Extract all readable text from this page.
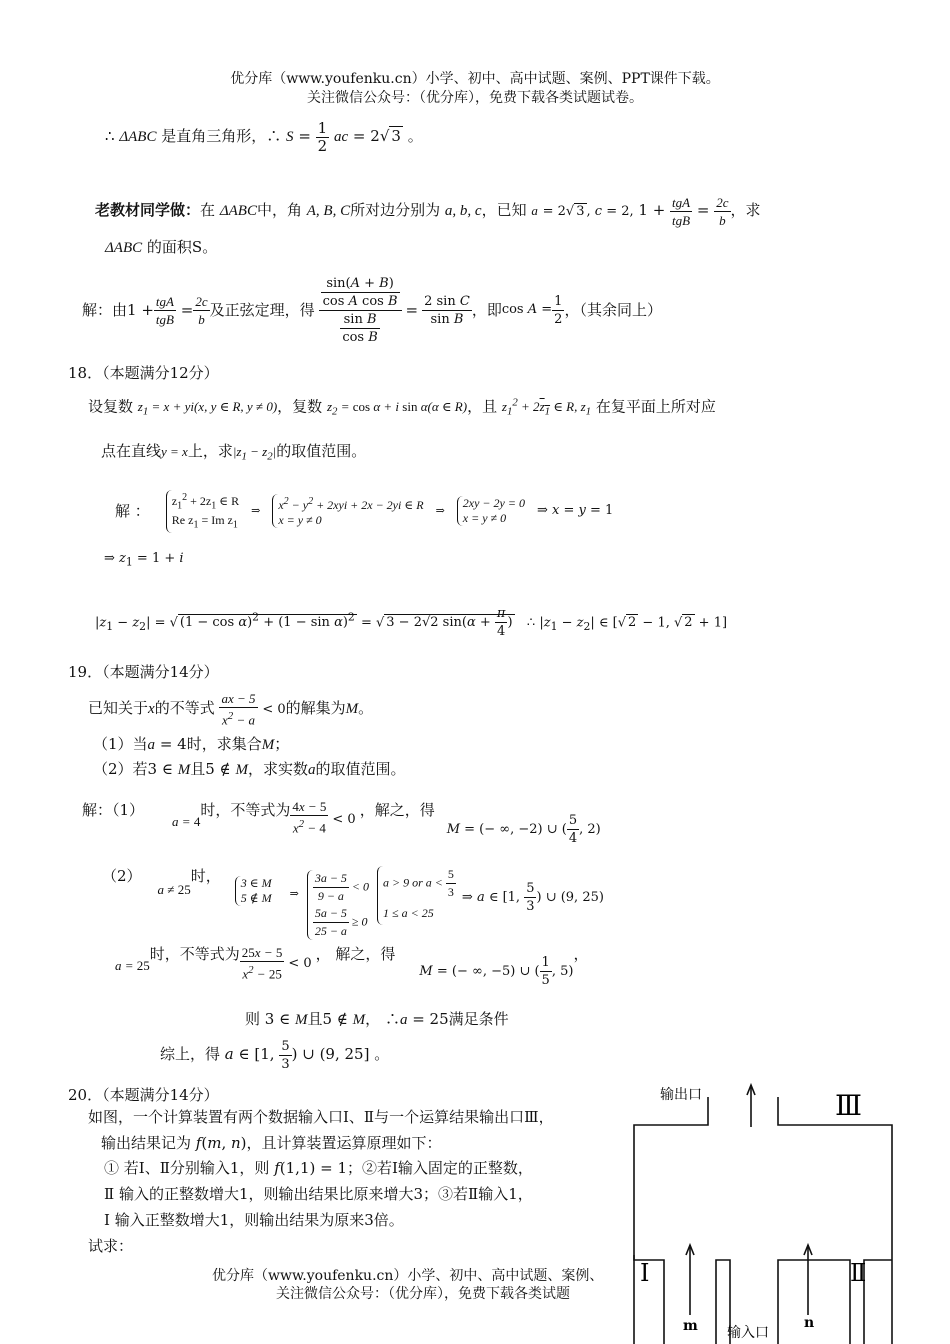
优分库（www.youfenku.cn）小学、初中、高中试题、案例、PPT课件下载。
关注微信公众号：（优分库），免费下载各类试题试卷。
∴ ΔABC 是直角三角形，∴ $S = \frac{1}{2}$ ac = 2√ 3 。
老教材同学做：在 ΔABC中，角 A, B, C所对边分别为 a, b, c，已知 a = 2√ 3 , c = 2, $1 + \frac{\text{tgA}}{\text{tgB}} = \frac{2c}{b}$ ，求
ΔABC 的面积S。
解：由 $1 + \frac{\text{tgA}}{\text{tgB}} = \frac{2c}{b}$ 及正弦定理，得 $\frac{\frac{\sin(A + B)}{\text{cos A cos B}}}{\frac{\text{sin B}}{\text{cos B}}} = \frac{\text{2 sin C}}{\text{sin B}}$ ，即 $\cos A = \frac{1}{2}$ ，（其余同上）
18．（本题满分12分）
设复数 $z_1 = x + yi(x$, y ∈ R, y ≠ 0)，复数 $z_2 = \cos \alpha + i$ sin α(α ∈ R)，且 $z_1^2 + 2z_1$ ∈ R, $z_1$ 在复平面上所对应
点在直线y = x上，求$|z_1 - z_2|$的取值范围。
解 ：
$z_1^2 + 2z_1$ ∈ R
Re $z_1 = Im$ $z_1$
⇒	$x^2 - y^2 + 2xyi + 2x - 2yi$ ∈ R
x = y ≠ 0
⇒
2xy − 2y = 0
x = y ≠ 0	⇒ x = y = 1
⇒ $z_1 = 1 + i$
$|z_1 - z_2|$ = √ $(1 - \cos \alpha)^2 + (1 - \sin \alpha)^2$ = √ 3 − 2√2 $\sin(\alpha + \frac{\pi}{4}$ )   ∴ $|z_1 - z_2|$ ∈ [√ 2 − 1, √ 2 + 1]
19．（本题满分14分）
已知关于x的不等式 $\frac{ax - 5}{x^2 - a} < 0$的解集为M。
（1）当a = 4时，求集合M；
（2）若3 ∈ M且5 ∉ M，求实数a的取值范围。
解：（1）
a = 4
时，不等式为 $\frac{4x - 5}{x^2 - 4} < 0$
，解之，得
M = (− ∞, −2) ∪ ( $\frac{5}{4}$ , 2)
（2）
a ≠ 25
时，	3 ∈ M
5 ∉ M ⇒ $\frac{3a - 5}{9 - a} < 0$

$\frac{5a - 5}{25 - a} \ge 0$
a > 9 or $a < \frac{5}{3}$

1 ≤ a < 25
⇒ a ∈ [1, $\frac{5}{3}$ ) ∪ (9, 25)
a = 25
时，不等式为 $\frac{25x - 5}{x^2 - 25} < 0$
， 解之，得
M = (− ∞, −5) ∪ ( $\frac{1}{5}$ , 5)
，
则 3 ∈ M且5 ∉ M， ∴a = 25满足条件
综上，得 a ∈ [1, $\frac{5}{3}$ ) ∪ (9, 25] 。
20．（本题满分14分）
如图，一个计算装置有两个数据输入口Ⅰ、Ⅱ与一个运算结果输出口Ⅲ，
输出结果记为 f(m, n)，且计算装置运算原理如下：
① 若Ⅰ、Ⅱ分别输入1，则 f(1,1) = 1；②若Ⅰ输入固定的正整数，
Ⅱ 输入的正整数增大1，则输出结果比原来增大3；③若Ⅱ输入1，
Ⅰ 输入正整数增大1，则输出结果为原来3倍。
试求：
优分库（www.youfenku.cn）小学、初中、高中试题、案例、
关注微信公众号：（优分库），免费下载各类试题
输出口	Ⅲ
Ⅰ	Ⅱ
m	n
输入口
